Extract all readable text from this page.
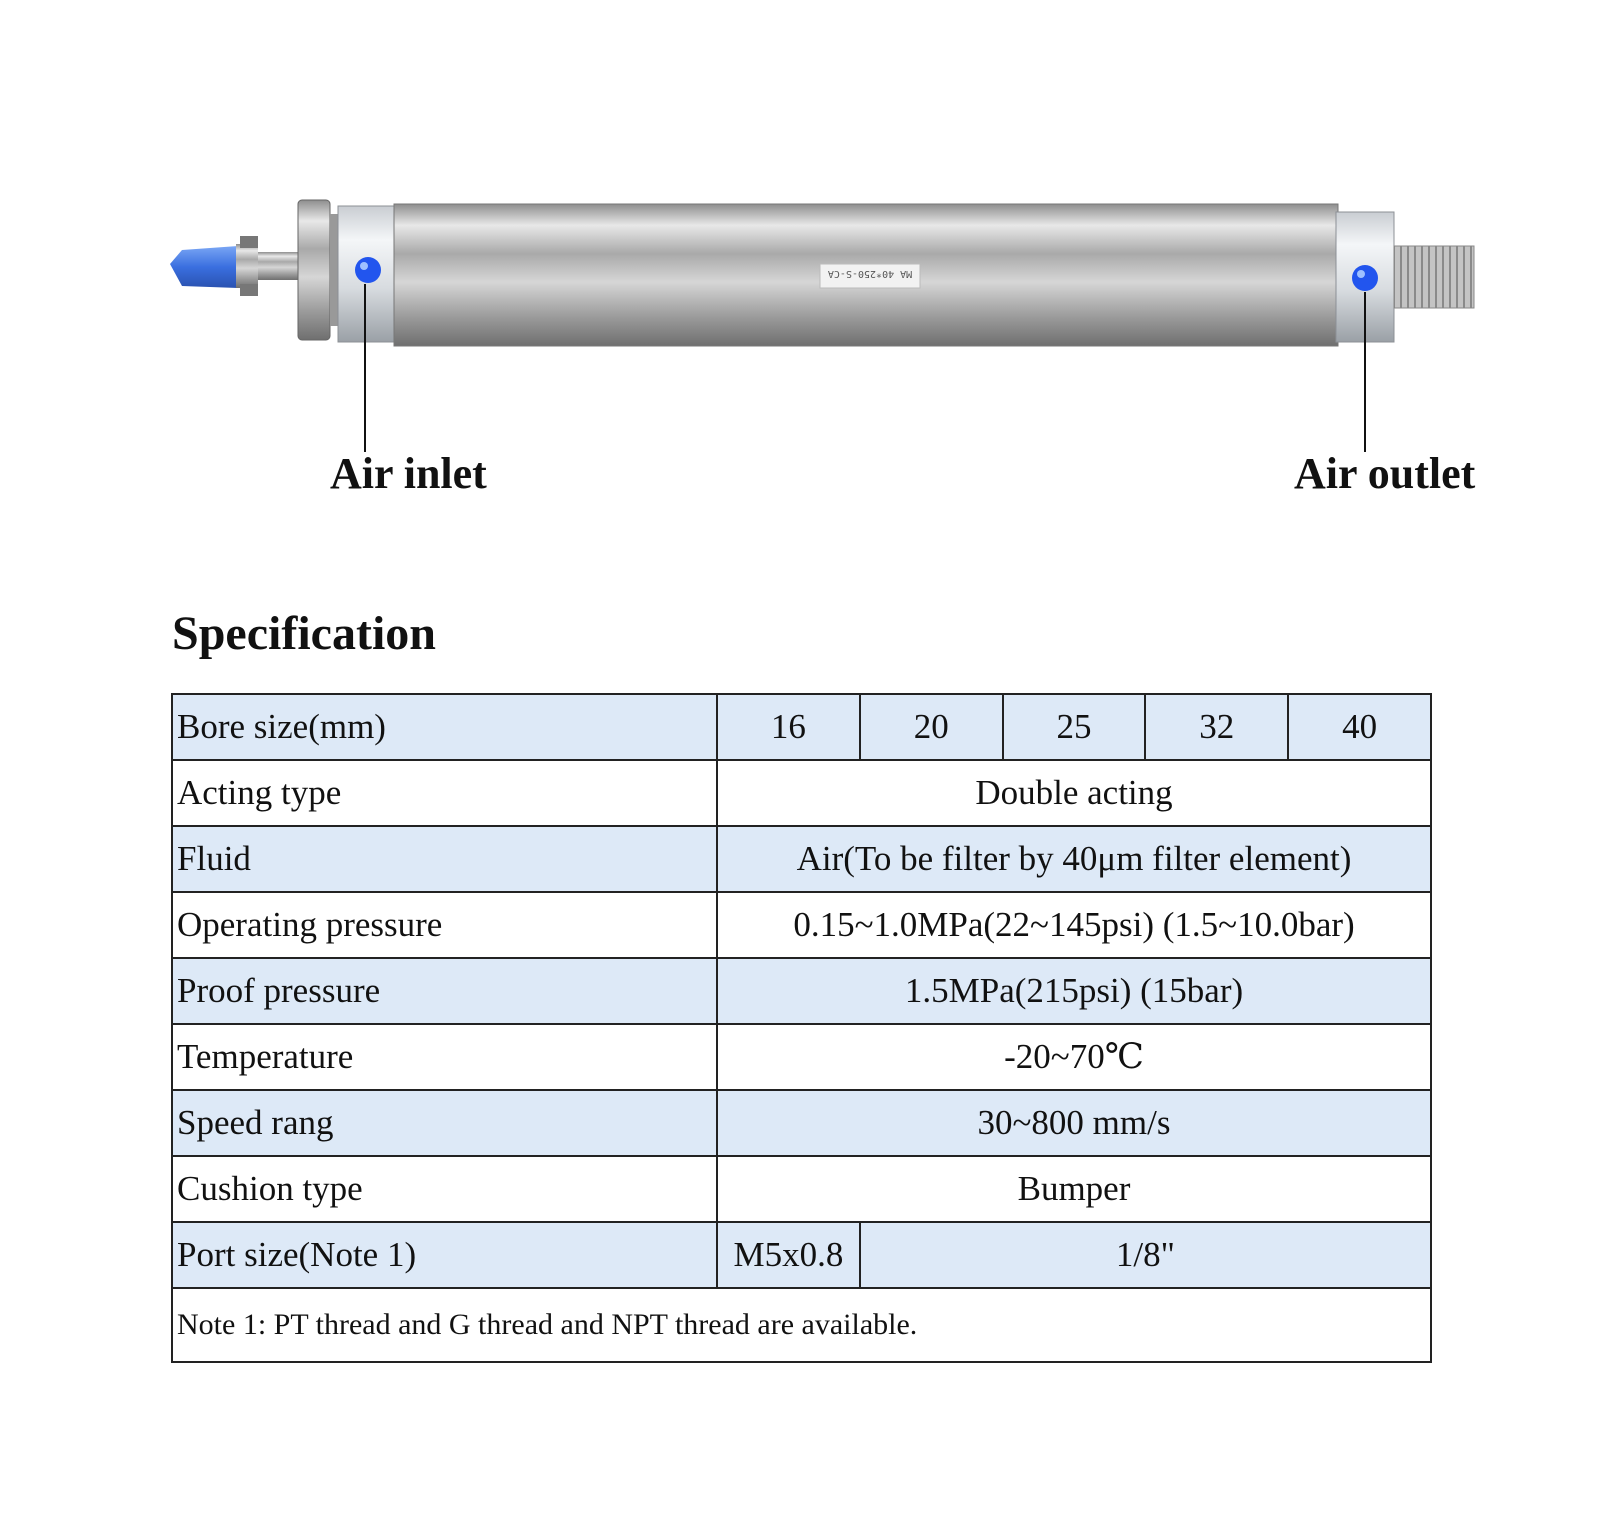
MA 40*250-S-CA
Air inlet	Air outlet
Specification
Bore size(mm)	16	20	25	32	40
Acting type	Double acting				
Fluid	Air(To be filter by 40μm filter element)				
Operating pressure	0.15~1.0MPa(22~145psi) (1.5~10.0bar)				
Proof pressure	1.5MPa(215psi) (15bar)				
Temperature	-20~70℃				
Speed rang	30~800 mm/s				
Cushion type	Bumper				
Port size(Note 1)	M5x0.8	1/8"			
Note 1: PT thread and G thread and NPT thread are available.					
